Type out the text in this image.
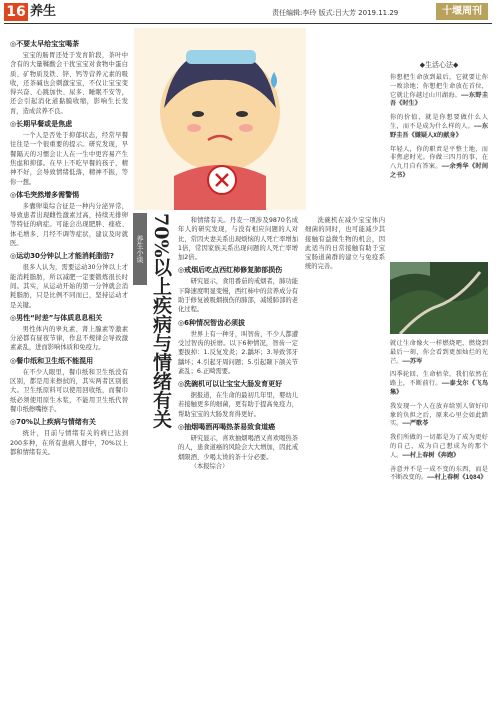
16 养生	责任编辑:李玲 版式:吕大芳 2019.11.29	十堰周刊
◎不要太早给宝宝喝茶

宝宝的肠胃还处于发育阶段，茶叶中含有的大量鞣酸会干扰宝宝对食物中蛋白质、矿物质及铁、锌、钙等营养元素的吸收，还茶碱也会刺激宝宝，不仅让宝宝变得兴奋、心跳加快、尿多、睡眠不安等，还会引起消化道黏膜收缩，影响生长发育，造成营养不良。

◎长期早餐或是焦虑

一个人是否处于抑郁状态，经常早餐往往是一个很重要的提示。研究发现，早餐隔天的习惯会让人在一生中更容易产生焦虑和抑郁。在早上不吃早餐的孩子，精神不好，会导致情绪低落，精神不振，等你一想。

◎体毛突然增多需警惕

多囊卵巢综合征是一种内分泌异常，导致患者出现雌性激素过高，持续无排卵等特征的病症。可能会出现肥胖、痤疮、体毛增多、月经不调等症状，建议及时就医。

◎运动30分钟以上才能消耗脂肪?

很多人认为，需要运动30分钟以上才能消耗脂肪，所以减肥一定要锻炼很长时间。其实，从运动开始的第一分钟就会消耗脂肪，只是比例不同而已，坚持运动才是关键。

◎男性“时差”与体质息息相关

男性体内的睾丸素、肾上腺素等激素分泌都有昼夜节律，作息不规律会导致激素紊乱，进而影响体质和免疫力。

◎餐巾纸和卫生纸不能混用

在不少人眼里，餐巾纸和卫生纸没有区别，都是用来擦拭的，其实两者区别很大。卫生纸原料可以使用回收纸，而餐巾纸必须使用原生木浆，不能用卫生纸代替餐巾纸擦嘴擦手。

◎70%以上疾病与情绪有关

统计，目前与情绪有关的病已达到200多种，在所有患病人群中，70%以上都和情绪有关。

养生小谈 70%以上疾病与情绪有关	和情绪有关。丹麦一项涉及9870名成年人的研究发现，与没有相应问题的人对比，常因夫妻关系出现烦恼的人死亡率增加1倍，常因家族关系出现问题的人死亡率增加2倍。

◎戒烟后吃点西红柿修复肺部损伤

研究显示，食用番茄的戒烟者，肺功能下降速度明显变慢，西红柿中的营养成分有助于修复被吸烟损伤的肺部，减缓肺部的老化过程。

◎6种情况智齿必须拔

世界上有一种牙，叫智齿，不少人都遭受过智齿的折磨。以下6种情况，智齿一定要拔掉：1.反复发炎；2.龋坏；3.导致邻牙龋坏；4.引起牙周问题；5.引起颞下颌关节紊乱；6.正畸需要。

◎洗碗机可以让宝宝大肠发育更好

据报道，在生命的最初几年里，婴幼儿若接触更多的细菌，更有助于提高免疫力，帮助宝宝的大肠发育得更好。

◎抽烟喝酒再喝热茶易致食道癌

研究显示，喜欢抽烟喝酒又喜欢喝热茶的人，患食道癌的风险会大大增加，因此戒烟限酒、少喝太烫的茶十分必要。

（本报综合）

洗碗机在减少宝宝体内细菌的同时，也可能减少其接触有益微生物的机会，因此适当的日常接触有助于宝宝肠道菌群的建立与免疫系统的完善。

◆生活心法◆
你想把生命放到最后，它就要让你一败涂地；你想把生命放在首位，它就让你越过山川湖海。——东野圭吾《时生》
你的价值，就是你想要做什么人生，而不是成为什么样的人。——东野圭吾《嫌疑人X的献身》
年轻人，你的职责是平整土地，而非焦虑时光。你做三四月的事，在八九月自有答案。——余秀华《时间之书》
就让生命像火一样燃烧吧，燃烧到最后一刻，你会看到更加灿烂的光芒。——苏岑
四季轮回，生命枯荣，我们依然在路上，不断前行。——泰戈尔《飞鸟集》
我发现一个人在放弃给别人留好印象的负担之后，原来心里会如此踏实。——严歌苓
我们所做的一切都是为了成为更好的自己，成为自己想成为的那个人。——村上春树《奔跑》
善意并不是一成不变的东西，而是不断改变的。——村上春树《1Q84》
